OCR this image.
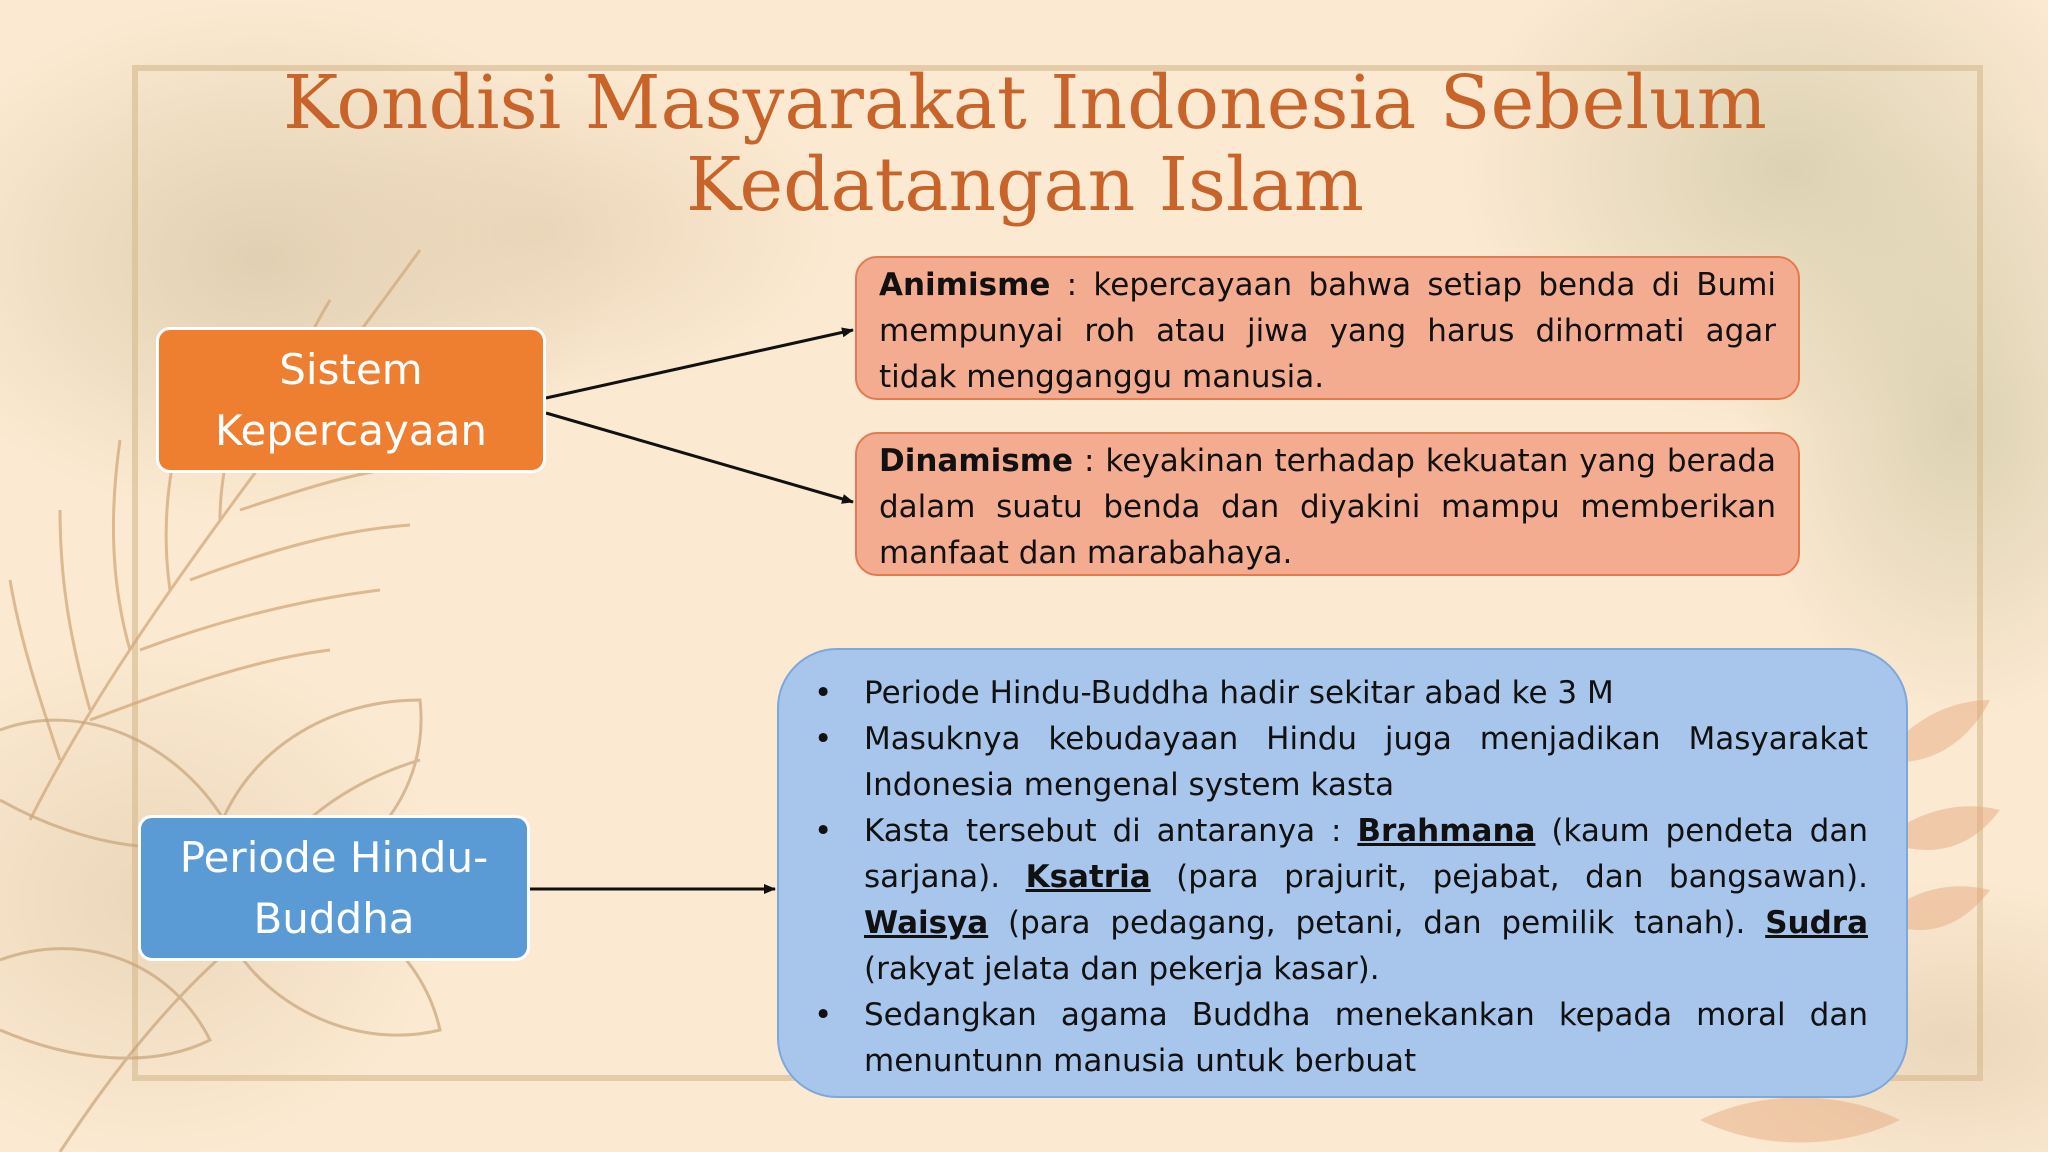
Kondisi Masyarakat Indonesia Sebelum Kedatangan Islam
Sistem
Kepercayaan
Periode Hindu-
Buddha
Animisme : kepercayaan bahwa setiap benda di Bumi mempunyai roh atau jiwa yang harus dihormati agar tidak mengganggu manusia.
Dinamisme : keyakinan terhadap kekuatan yang berada dalam suatu benda dan diyakini mampu memberikan manfaat dan marabahaya.
• Periode Hindu-Buddha hadir sekitar abad ke 3 M
• Masuknya kebudayaan Hindu juga menjadikan Masyarakat Indonesia mengenal system kasta
• Kasta tersebut di antaranya : Brahmana (kaum pendeta dan sarjana). Ksatria (para prajurit, pejabat, dan bangsawan). Waisya (para pedagang, petani, dan pemilik tanah). Sudra (rakyat jelata dan pekerja kasar).
• Sedangkan agama Buddha menekankan kepada moral dan menuntunn manusia untuk berbuat
